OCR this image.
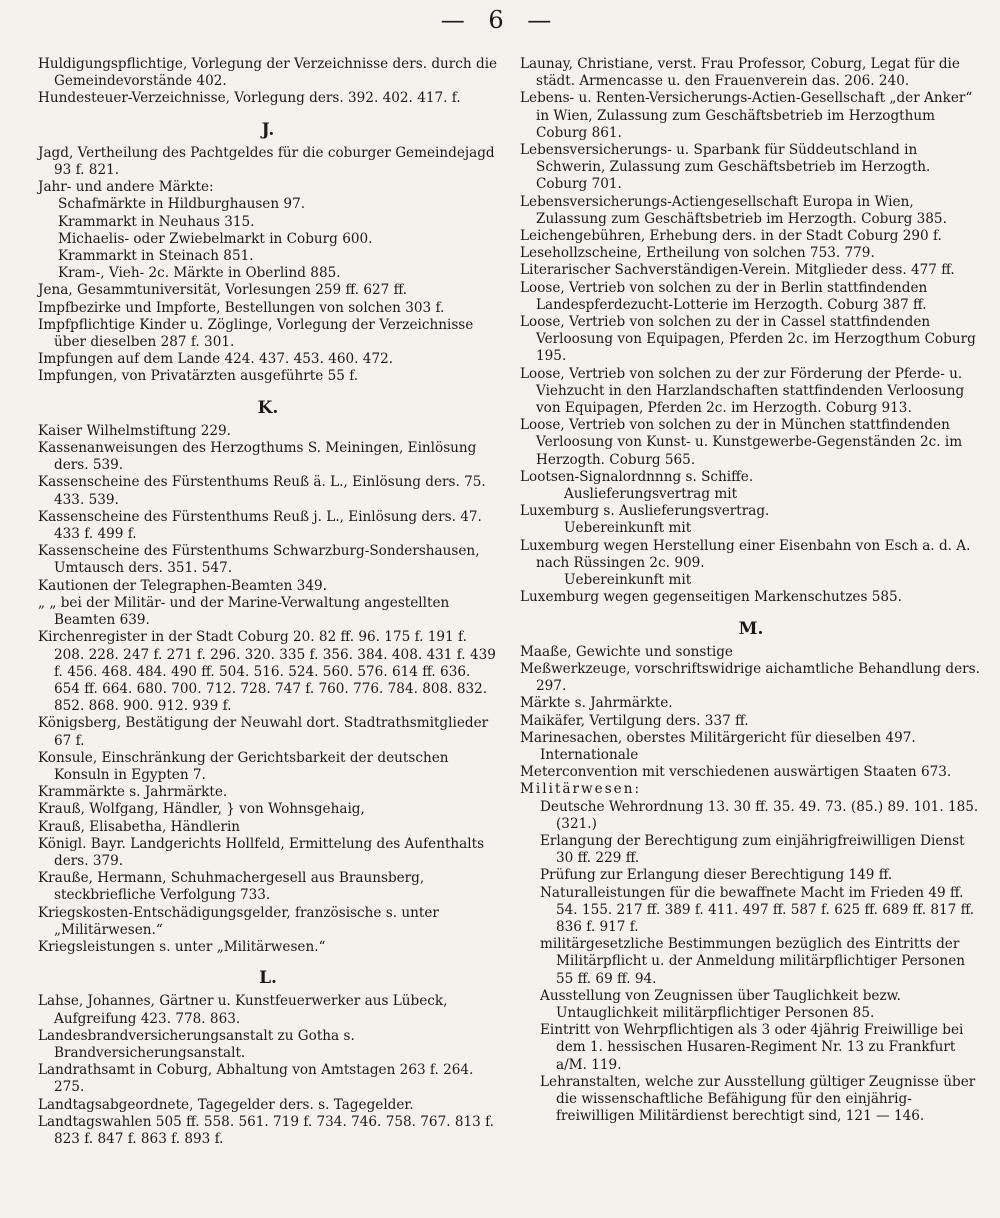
— 6 —

Huldigungspflichtige, Vorlegung der Verzeichnisse ders. durch die Gemeindevorstände 402.

Hundesteuer-Verzeichnisse, Vorlegung ders. 392. 402. 417. f.

J.

Jagd, Vertheilung des Pachtgeldes für die coburger Gemeindejagd 93 f. 821.

Jahr- und andere Märkte:

Schafmärkte in Hildburghausen 97.

Krammarkt in Neuhaus 315.

Michaelis- oder Zwiebelmarkt in Coburg 600.

Krammarkt in Steinach 851.

Kram-, Vieh- 2c. Märkte in Oberlind 885.

Jena, Gesammtuniversität, Vorlesungen 259 ff. 627 ff.

Impfbezirke und Impforte, Bestellungen von solchen 303 f.

Impfpflichtige Kinder u. Zöglinge, Vorlegung der Verzeichnisse über dieselben 287 f. 301.

Impfungen auf dem Lande 424. 437. 453. 460. 472.

Impfungen, von Privatärzten ausgeführte 55 f.

K.

Kaiser Wilhelmstiftung 229.

Kassenanweisungen des Herzogthums S. Meiningen, Einlösung ders. 539.

Kassenscheine des Fürstenthums Reuß ä. L., Einlösung ders. 75. 433. 539.

Kassenscheine des Fürstenthums Reuß j. L., Einlösung ders. 47. 433 f. 499 f.

Kassenscheine des Fürstenthums Schwarzburg-Sondershausen, Umtausch ders. 351. 547.

Kautionen der Telegraphen-Beamten 349.

„ „ bei der Militär- und der Marine-Verwaltung angestellten Beamten 639.

Kirchenregister in der Stadt Coburg 20. 82 ff. 96. 175 f. 191 f. 208. 228. 247 f. 271 f. 296. 320. 335 f. 356. 384. 408. 431 f. 439 f. 456. 468. 484. 490 ff. 504. 516. 524. 560. 576. 614 ff. 636. 654 ff. 664. 680. 700. 712. 728. 747 f. 760. 776. 784. 808. 832. 852. 868. 900. 912. 939 f.

Königsberg, Bestätigung der Neuwahl dort. Stadtrathsmitglieder 67 f.

Konsule, Einschränkung der Gerichtsbarkeit der deutschen Konsuln in Egypten 7.

Krammärkte s. Jahrmärkte.

Krauß, Wolfgang, Händler, } von Wohnsgehaig,

Krauß, Elisabetha, Händlerin

Königl. Bayr. Landgerichts Hollfeld, Ermittelung des Aufenthalts ders. 379.

Krauße, Hermann, Schuhmachergesell aus Braunsberg, steckbriefliche Verfolgung 733.

Kriegskosten-Entschädigungsgelder, französische s. unter „Militärwesen.“

Kriegsleistungen s. unter „Militärwesen.“

L.

Lahse, Johannes, Gärtner u. Kunstfeuerwerker aus Lübeck, Aufgreifung 423. 778. 863.

Landesbrandversicherungsanstalt zu Gotha s. Brandversicherungsanstalt.

Landrathsamt in Coburg, Abhaltung von Amtstagen 263 f. 264. 275.

Landtagsabgeordnete, Tagegelder ders. s. Tagegelder.

Landtagswahlen 505 ff. 558. 561. 719 f. 734. 746. 758. 767. 813 f. 823 f. 847 f. 863 f. 893 f.

Launay, Christiane, verst. Frau Professor, Coburg, Legat für die städt. Armencasse u. den Frauenverein das. 206. 240.

Lebens- u. Renten-Versicherungs-Actien-Gesellschaft „der Anker“ in Wien, Zulassung zum Geschäftsbetrieb im Herzogthum Coburg 861.

Lebensversicherungs- u. Sparbank für Süddeutschland in Schwerin, Zulassung zum Geschäftsbetrieb im Herzogth. Coburg 701.

Lebensversicherungs-Actiengesellschaft Europa in Wien, Zulassung zum Geschäftsbetrieb im Herzogth. Coburg 385.

Leichengebühren, Erhebung ders. in der Stadt Coburg 290 f.

Lesehollzscheine, Ertheilung von solchen 753. 779.

Literarischer Sachverständigen-Verein. Mitglieder dess. 477 ff.

Loose, Vertrieb von solchen zu der in Berlin stattfindenden Landespferdezucht-Lotterie im Herzogth. Coburg 387 ff.

Loose, Vertrieb von solchen zu der in Cassel stattfindenden Verloosung von Equipagen, Pferden 2c. im Herzogthum Coburg 195.

Loose, Vertrieb von solchen zu der zur Förderung der Pferde- u. Viehzucht in den Harzlandschaften stattfindenden Verloosung von Equipagen, Pferden 2c. im Herzogth. Coburg 913.

Loose, Vertrieb von solchen zu der in München stattfindenden Verloosung von Kunst- u. Kunstgewerbe-Gegenständen 2c. im Herzogth. Coburg 565.

Lootsen-Signalordnnng s. Schiffe.

Auslieferungsvertrag mit

Luxemburg s. Auslieferungsvertrag.

Uebereinkunft mit

Luxemburg wegen Herstellung einer Eisenbahn von Esch a. d. A. nach Rüssingen 2c. 909.

Uebereinkunft mit

Luxemburg wegen gegenseitigen Markenschutzes 585.

M.

Maaße, Gewichte und sonstige

Meßwerkzeuge, vorschriftswidrige aichamtliche Behandlung ders. 297.

Märkte s. Jahrmärkte.

Maikäfer, Vertilgung ders. 337 ff.

Marinesachen, oberstes Militärgericht für dieselben 497.

Internationale

Meterconvention mit verschiedenen auswärtigen Staaten 673.

Militärwesen:

Deutsche Wehrordnung 13. 30 ff. 35. 49. 73. (85.) 89. 101. 185. (321.)

Erlangung der Berechtigung zum einjährigfreiwilligen Dienst 30 ff. 229 ff.

Prüfung zur Erlangung dieser Berechtigung 149 ff.

Naturalleistungen für die bewaffnete Macht im Frieden 49 ff. 54. 155. 217 ff. 389 f. 411. 497 ff. 587 f. 625 ff. 689 ff. 817 ff. 836 f. 917 f.

militärgesetzliche Bestimmungen bezüglich des Eintritts der Militärpflicht u. der Anmeldung militärpflichtiger Personen 55 ff. 69 ff. 94.

Ausstellung von Zeugnissen über Tauglichkeit bezw. Untauglichkeit militärpflichtiger Personen 85.

Eintritt von Wehrpflichtigen als 3 oder 4jährig Freiwillige bei dem 1. hessischen Husaren-Regiment Nr. 13 zu Frankfurt a/M. 119.

Lehranstalten, welche zur Ausstellung gültiger Zeugnisse über die wissenschaftliche Befähigung für den einjährig-freiwilligen Militärdienst berechtigt sind, 121 — 146.
